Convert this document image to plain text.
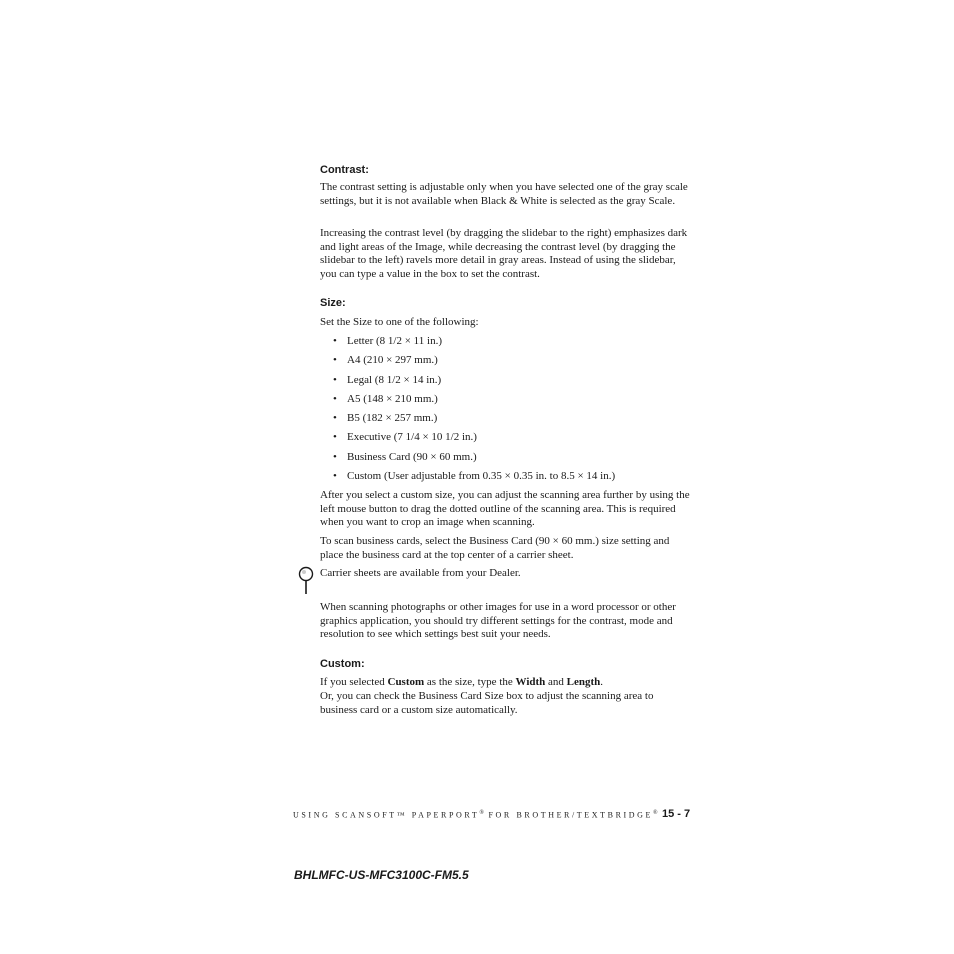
Contrast:

The contrast setting is adjustable only when you have selected one of the gray scale settings, but it is not available when Black & White is selected as the gray Scale.

Increasing the contrast level (by dragging the slidebar to the right) emphasizes dark and light areas of the Image, while decreasing the contrast level (by dragging the slidebar to the left) ravels more detail in gray areas. Instead of using the slidebar, you can type a value in the box to set the contrast.

Size:

Set the Size to one of the following:

• Letter (8 1/2 × 11 in.)
• A4 (210 × 297 mm.)
• Legal (8 1/2 × 14 in.)
• A5 (148 × 210 mm.)
• B5 (182 × 257 mm.)
• Executive (7 1/4 × 10 1/2 in.)
• Business Card (90 × 60 mm.)
• Custom (User adjustable from 0.35 × 0.35 in. to 8.5 × 14 in.)

After you select a custom size, you can adjust the scanning area further by using the left mouse button to drag the dotted outline of the scanning area. This is required when you want to crop an image when scanning.

To scan business cards, select the Business Card (90 × 60 mm.) size setting and place the business card at the top center of a carrier sheet.

Carrier sheets are available from your Dealer.

When scanning photographs or other images for use in a word processor or other graphics application, you should try different settings for the contrast, mode and resolution to see which settings best suit your needs.

Custom:

If you selected Custom as the size, type the Width and Length.

Or, you can check the Business Card Size box to adjust the scanning area to business card or a custom size automatically.

USING SCANSOFT™ PAPERPORT® FOR BROTHER/TEXTBRIDGE® 15 - 7
BHLMFC-US-MFC3100C-FM5.5
